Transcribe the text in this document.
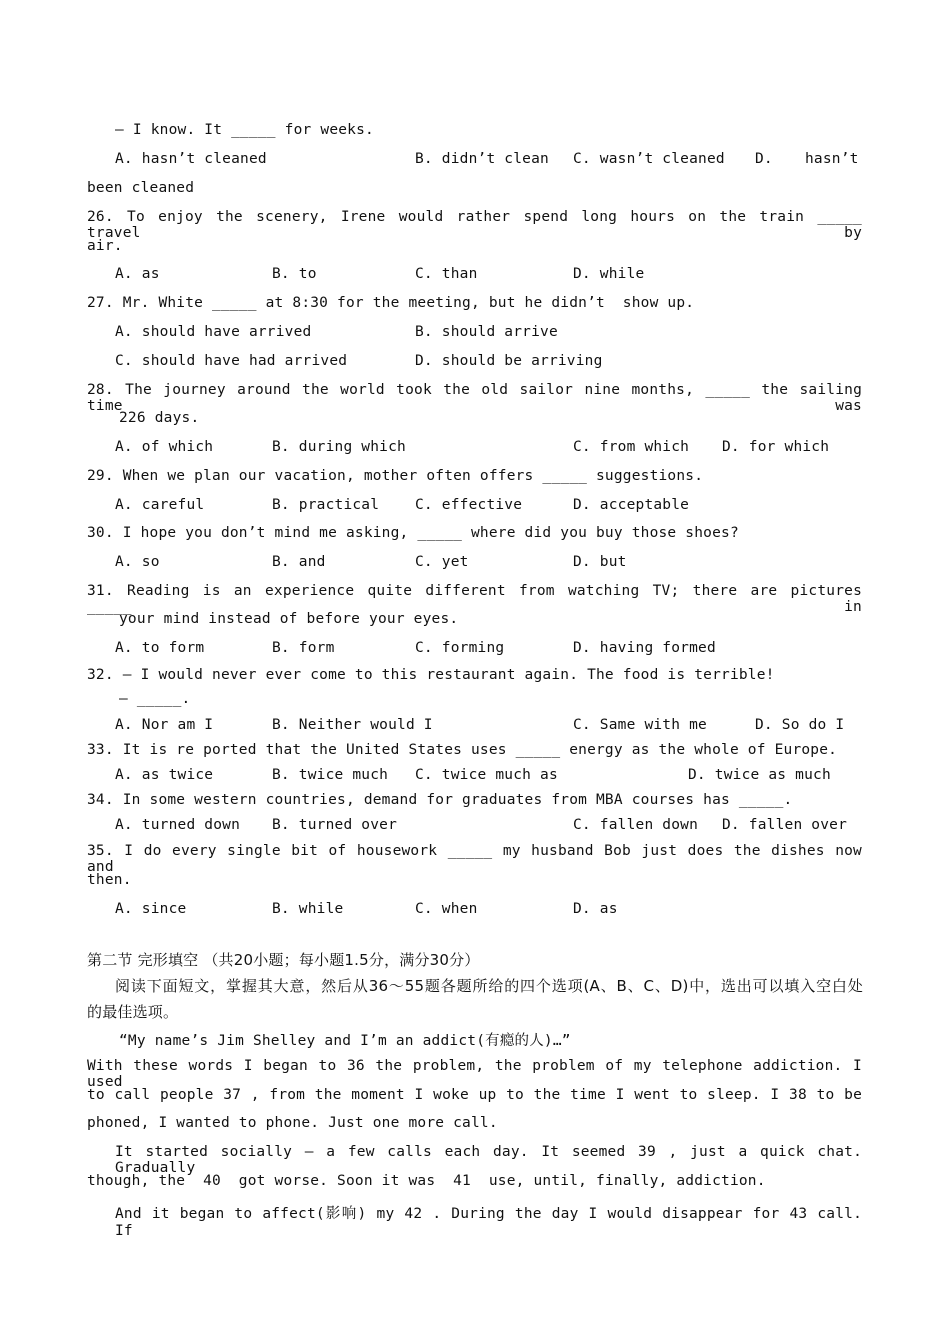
— I know. It _____ for weeks.
A. hasn’t cleaned	B. didn’t clean C. wasn’t cleaned D. hasn’t
been cleaned
26. To enjoy the scenery, Irene would rather spend long hours on the train _____ travel by
air.
A. as	B. to	C. than	D. while
27. Mr. White _____ at 8:30 for the meeting, but he didn’t  show up.
A. should have arrived	B. should arrive
C. should have had arrived	D. should be arriving
28. The journey around the world took the old sailor nine months, _____ the sailing time was
226 days.
A. of which	B. during which	C. from which D. for which
29. When we plan our vacation, mother often offers _____ suggestions.
A. careful	B. practical C. effective	D. acceptable
30. I hope you don’t mind me asking, _____ where did you buy those shoes?
A. so	B. and	C. yet	D. but
31. Reading is an experience quite different from watching TV; there are pictures _____ in
your mind instead of before your eyes.
A. to form	B. form	C. forming	D. having formed
32. — I would never ever come to this restaurant again. The food is terrible!
— _____.
A. Nor am I	B. Neither would I	C. Same with me	D. So do I
33. It is re ported that the United States uses _____ energy as the whole of Europe.
A. as twice	B. twice much C. twice much as	D. twice as much
34. In some western countries, demand for graduates from MBA courses has _____.
A. turned down B. turned over	C. fallen down D. fallen over
35. I do every single bit of housework _____ my husband Bob just does the dishes now and
then.
A. since	B. while	C. when	D. as
第二节 完形填空 （共20小题；每小题1.5分，满分30分）
阅读下面短文，掌握其大意，然后从36～55题各题所给的四个选项(A、B、C、D)中，选出可以填入空白处
的最佳选项。
“My name’s Jim Shelley and I’m an addict(有瘾的人)…”
With these words I began to 36 the problem, the problem of my telephone addiction. I used
to call people 37 , from the moment I woke up to the time I went to sleep. I 38 to be
phoned, I wanted to phone. Just one more call.
It started socially — a few calls each day. It seemed 39 , just a quick chat. Gradually
though, the  40  got worse. Soon it was  41  use, until, finally, addiction.
And it began to affect(影响) my 42 . During the day I would disappear for 43 call. If
